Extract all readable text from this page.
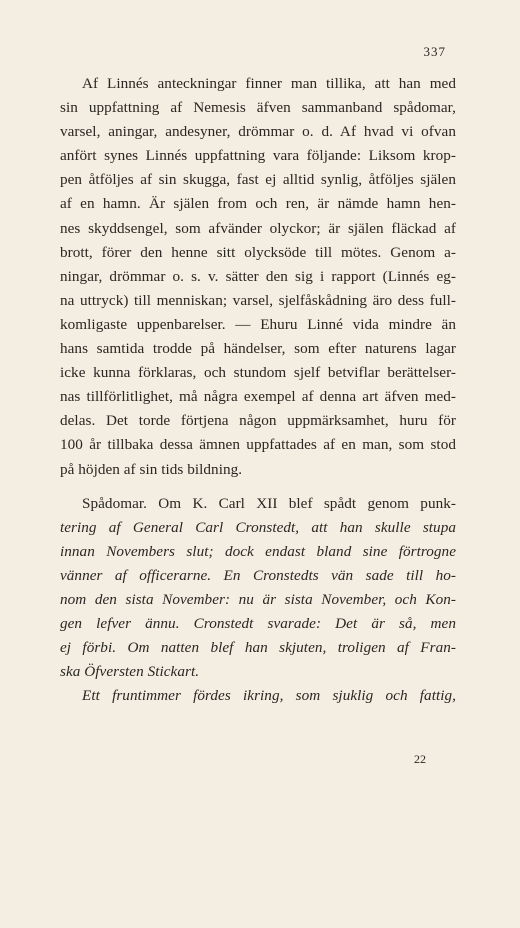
337
Af Linnés anteckningar finner man tillika, att han med
sin uppfattning af Nemesis äfven sammanband spådomar,
varsel, aningar, andesyner, drömmar o. d. Af hvad vi ofvan
anfört synes Linnés uppfattning vara följande: Liksom krop-
pen åtföljes af sin skugga, fast ej alltid synlig, åtföljes själen
af en hamn. Är själen from och ren, är nämde hamn hen-
nes skyddsengel, som afvänder olyckor; är själen fläckad af
brott, förer den henne sitt olycksöde till mötes. Genom a-
ningar, drömmar o. s. v. sätter den sig i rapport (Linnés eg-
na uttryck) till menniskan; varsel, sjelfåskådning äro dess full-
komligaste uppenbarelser. — Ehuru Linné vida mindre än
hans samtida trodde på händelser, som efter naturens lagar
icke kunna förklaras, och stundom sjelf betviflar berättelser-
nas tillförlitlighet, må några exempel af denna art äfven med-
delas. Det torde förtjena någon uppmärksamhet, huru för
100 år tillbaka dessa ämnen uppfattades af en man, som stod
på höjden af sin tids bildning.
Spådomar. Om K. Carl XII blef spådt genom punk-
tering af General Carl Cronstedt, att han skulle stupa
innan Novembers slut; dock endast bland sine förtrogne
vänner af officerarne. En Cronstedts vän sade till ho-
nom den sista November: nu är sista November, och Kon-
gen lefver ännu. Cronstedt svarade: Det är så, men
ej förbi. Om natten blef han skjuten, troligen af Fran-
ska Öfversten Stickart.
Ett fruntimmer fördes ikring, som sjuklig och fattig,
22
